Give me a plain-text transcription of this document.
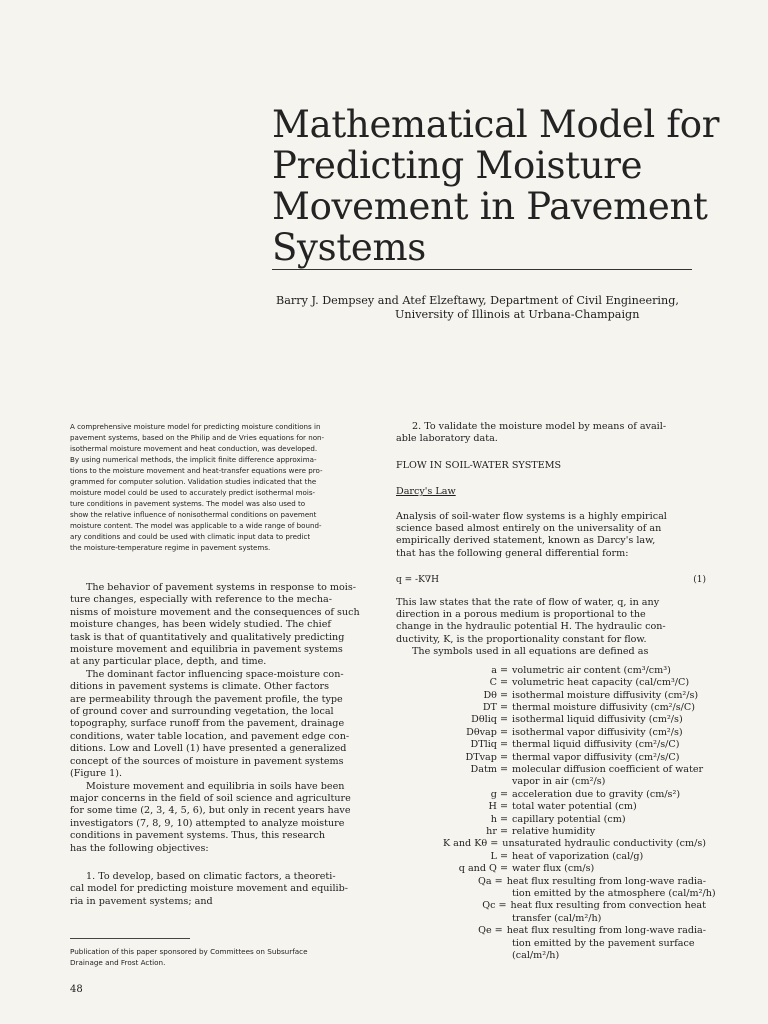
Mathematical Model for
Predicting Moisture
Movement in Pavement
Systems
Barry J. Dempsey and Atef Elzeftawy, Department of Civil Engineering,
University of Illinois at Urbana-Champaign
A comprehensive moisture model for predicting moisture conditions in
pavement systems, based on the Philip and de Vries equations for non-
isothermal moisture movement and heat conduction, was developed.
By using numerical methods, the implicit finite difference approxima-
tions to the moisture movement and heat-transfer equations were pro-
grammed for computer solution. Validation studies indicated that the
moisture model could be used to accurately predict isothermal mois-
ture conditions in pavement systems. The model was also used to
show the relative influence of nonisothermal conditions on pavement
moisture content. The model was applicable to a wide range of bound-
ary conditions and could be used with climatic input data to predict
the moisture-temperature regime in pavement systems.
The behavior of pavement systems in response to mois-
ture changes, especially with reference to the mecha-
nisms of moisture movement and the consequences of such
moisture changes, has been widely studied. The chief
task is that of quantitatively and qualitatively predicting
moisture movement and equilibria in pavement systems
at any particular place, depth, and time.
The dominant factor influencing space-moisture con-
ditions in pavement systems is climate. Other factors
are permeability through the pavement profile, the type
of ground cover and surrounding vegetation, the local
topography, surface runoff from the pavement, drainage
conditions, water table location, and pavement edge con-
ditions. Low and Lovell (1) have presented a generalized
concept of the sources of moisture in pavement systems
(Figure 1).
Moisture movement and equilibria in soils have been
major concerns in the field of soil science and agriculture
for some time (2, 3, 4, 5, 6), but only in recent years have
investigators (7, 8, 9, 10) attempted to analyze moisture
conditions in pavement systems. Thus, this research
has the following objectives:
1. To develop, based on climatic factors, a theoreti-
cal model for predicting moisture movement and equilib-
ria in pavement systems; and
Publication of this paper sponsored by Committees on Subsurface
Drainage and Frost Action.
48
2. To validate the moisture model by means of avail-
able laboratory data.
FLOW IN SOIL-WATER SYSTEMS
Darcy's Law
Analysis of soil-water flow systems is a highly empirical
science based almost entirely on the universality of an
empirically derived statement, known as Darcy's law,
that has the following general differential form:
q = -K∇H	(1)
This law states that the rate of flow of water, q, in any
direction in a porous medium is proportional to the
change in the hydraulic potential H. The hydraulic con-
ductivity, K, is the proportionality constant for flow.
The symbols used in all equations are defined as
a = volumetric air content (cm³/cm³)
C = volumetric heat capacity (cal/cm³/C)
Dθ = isothermal moisture diffusivity (cm²/s)
DT = thermal moisture diffusivity (cm²/s/C)
Dθliq = isothermal liquid diffusivity (cm²/s)
Dθvap = isothermal vapor diffusivity (cm²/s)
DTliq = thermal liquid diffusivity (cm²/s/C)
DTvap = thermal vapor diffusivity (cm²/s/C)
Datm = molecular diffusion coefficient of water
vapor in air (cm²/s)
g = acceleration due to gravity (cm/s²)
H = total water potential (cm)
h = capillary potential (cm)
hr = relative humidity
K and Kθ = unsaturated hydraulic conductivity (cm/s)
L = heat of vaporization (cal/g)
q and Q = water flux (cm/s)
Qa = heat flux resulting from long-wave radia-
tion emitted by the atmosphere (cal/m²/h)
Qc = heat flux resulting from convection heat
transfer (cal/m²/h)
Qe = heat flux resulting from long-wave radia-
tion emitted by the pavement surface
(cal/m²/h)
